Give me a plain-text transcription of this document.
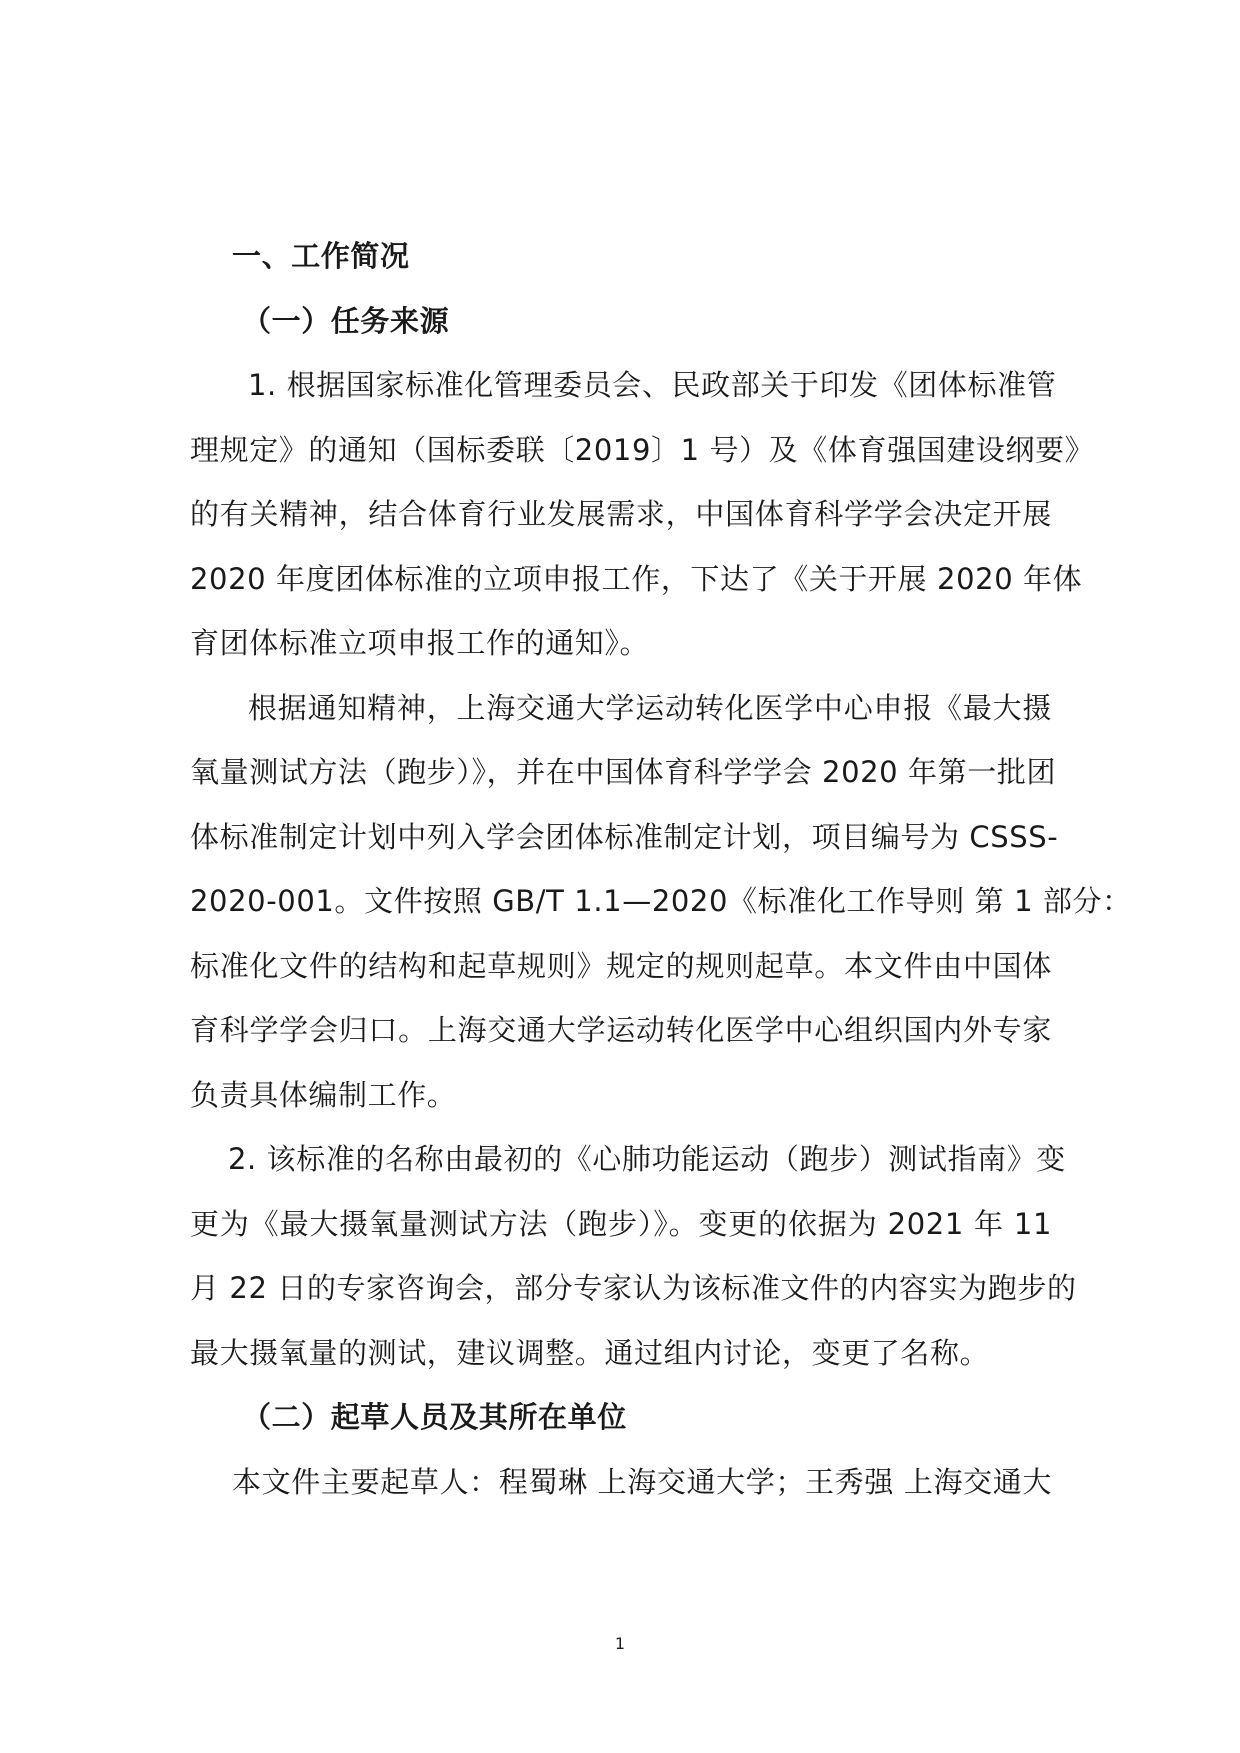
一、工作简况
（一）任务来源
1. 根据国家标准化管理委员会、民政部关于印发《团体标准管
理规定》的通知（国标委联〔2019〕1 号）及《体育强国建设纲要》
的有关精神，结合体育行业发展需求，中国体育科学学会决定开展
2020 年度团体标准的立项申报工作，下达了《关于开展 2020 年体
育团体标准立项申报工作的通知》。
根据通知精神，上海交通大学运动转化医学中心申报《最大摄
氧量测试方法（跑步）》，并在中国体育科学学会 2020 年第一批团
体标准制定计划中列入学会团体标准制定计划，项目编号为 CSSS-
2020-001。文件按照 GB/T 1.1—2020《标准化工作导则 第 1 部分：
标准化文件的结构和起草规则》规定的规则起草。本文件由中国体
育科学学会归口。上海交通大学运动转化医学中心组织国内外专家
负责具体编制工作。
2. 该标准的名称由最初的《心肺功能运动（跑步）测试指南》变
更为《最大摄氧量测试方法（跑步）》。变更的依据为 2021 年 11
月 22 日的专家咨询会，部分专家认为该标准文件的内容实为跑步的
最大摄氧量的测试，建议调整。通过组内讨论，变更了名称。
（二）起草人员及其所在单位
本文件主要起草人：程蜀琳 上海交通大学；王秀强 上海交通大
1
